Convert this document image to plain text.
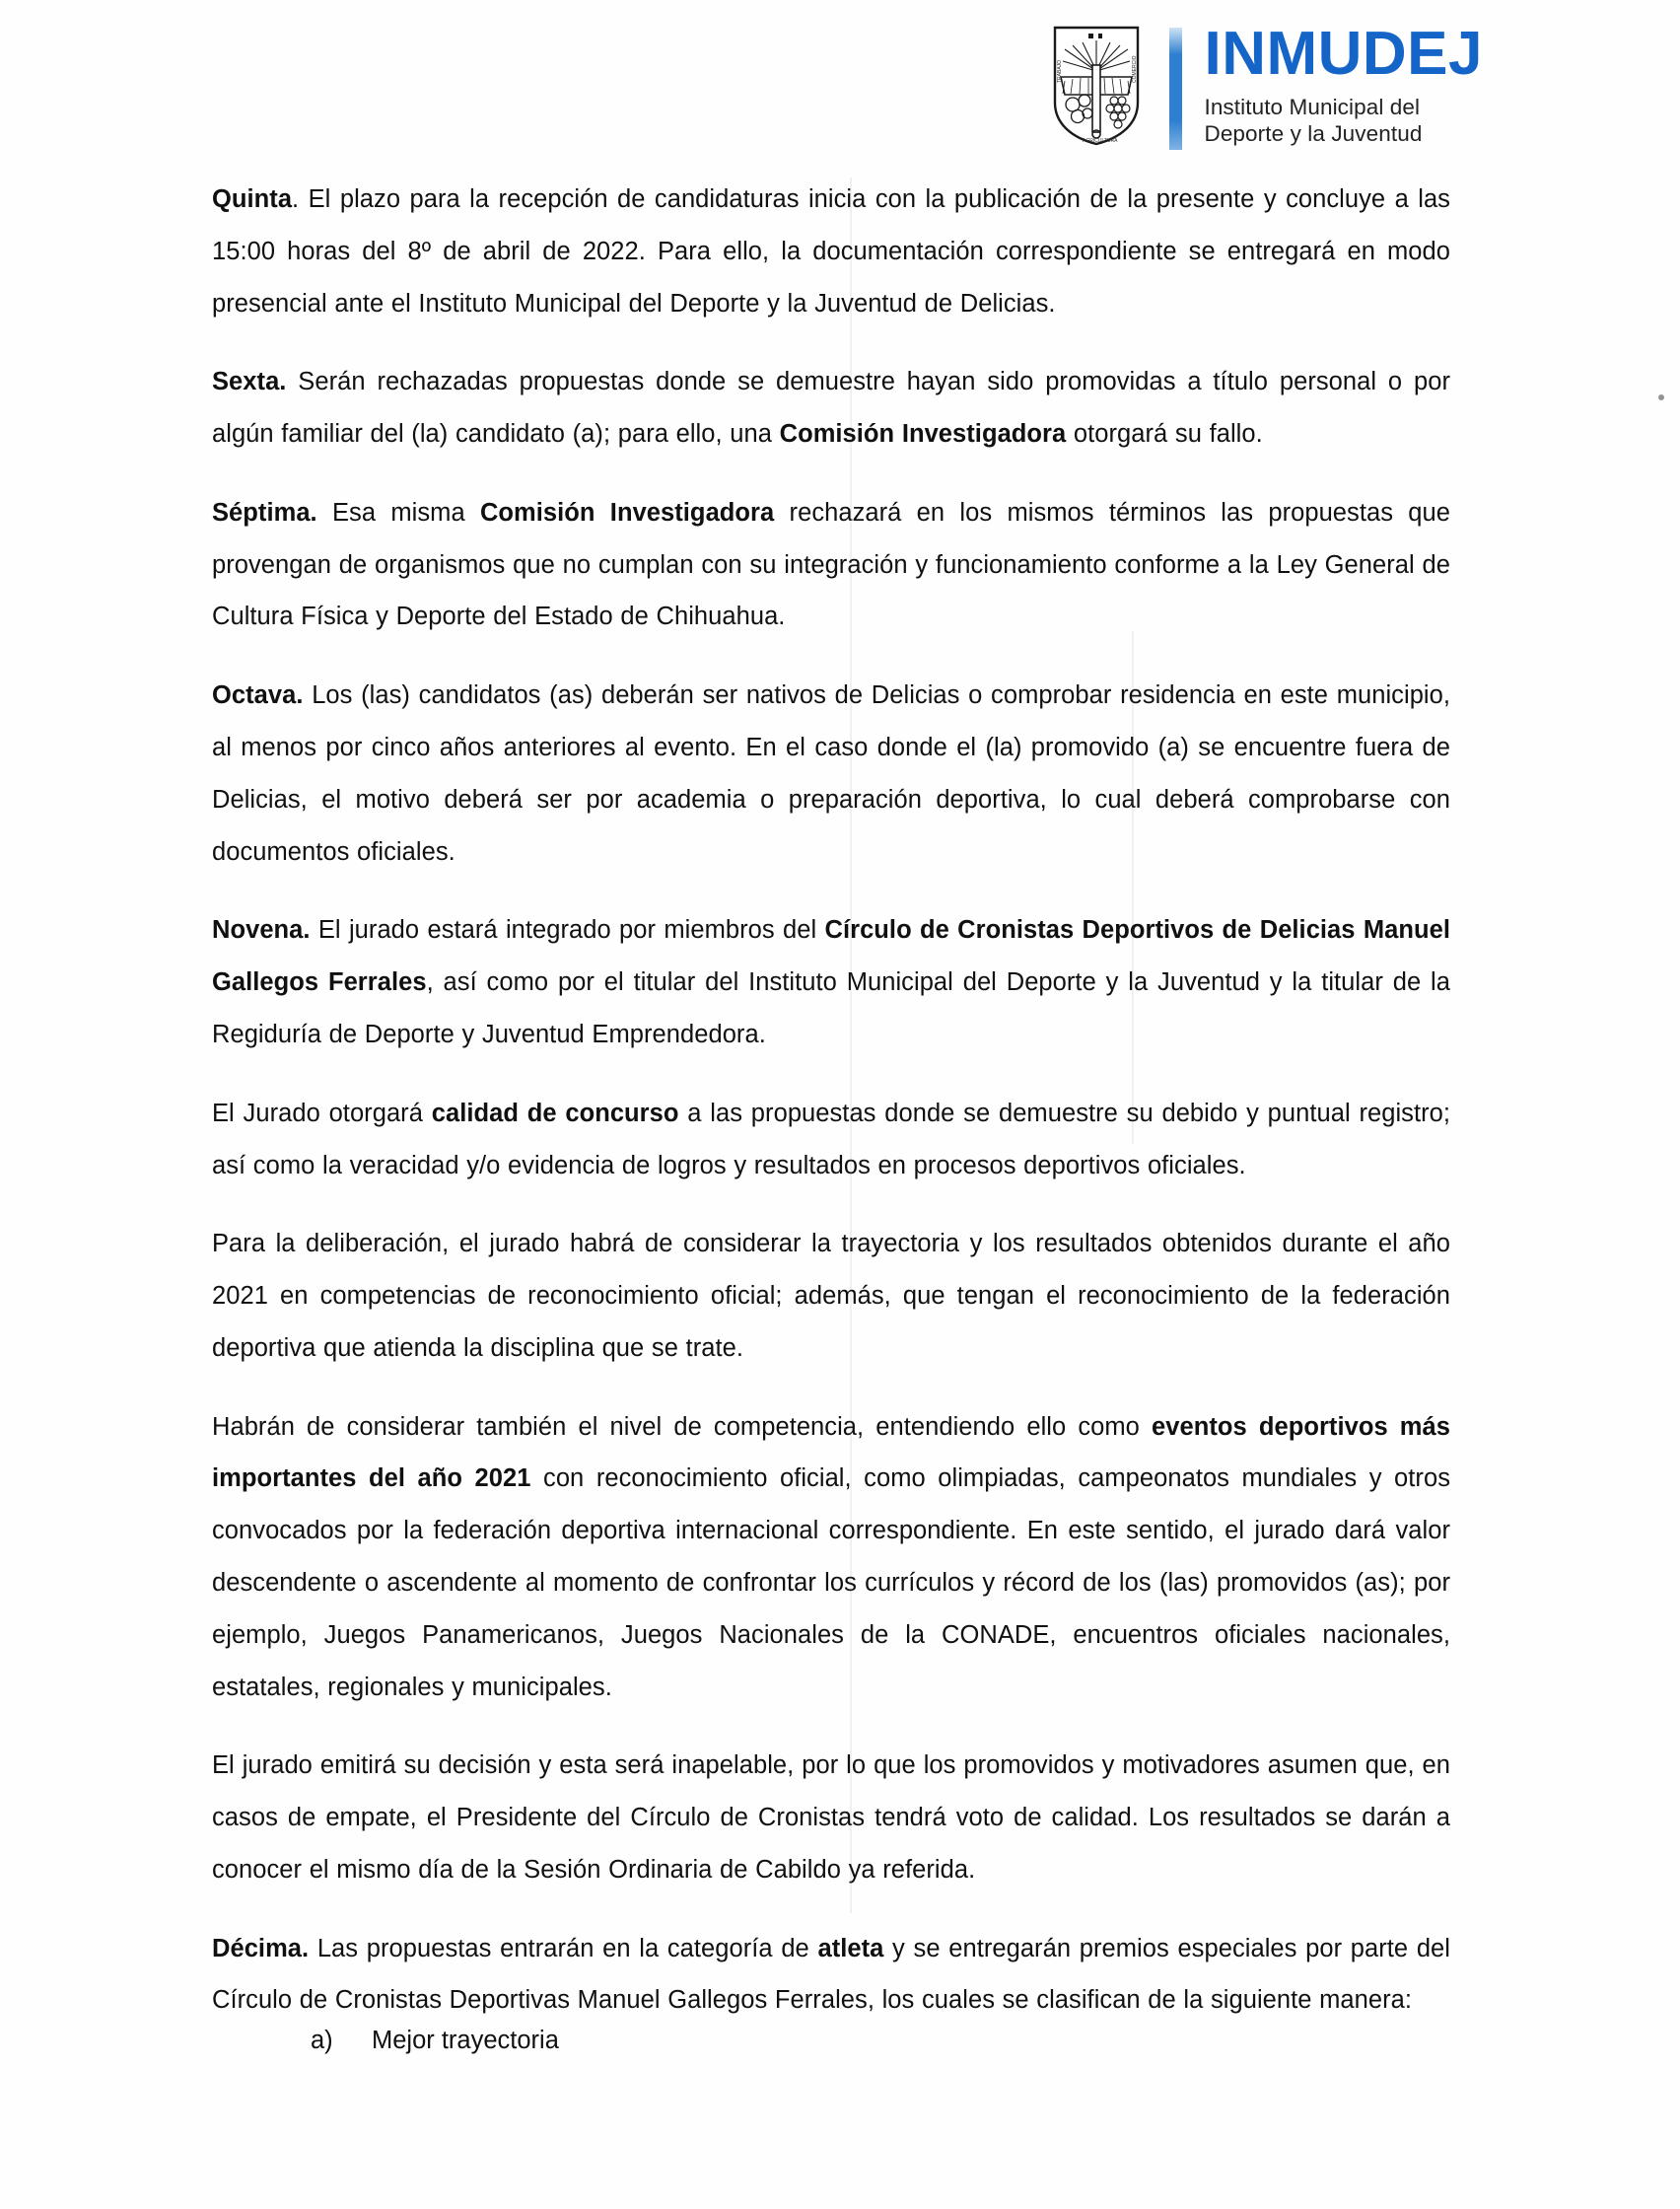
TRABAJO	COMERCIO
AGRICULTURA
INMUDEJ
Instituto Municipal del
Deporte y la Juventud

Quinta. El plazo para la recepción de candidaturas inicia con la publicación de la presente y concluye a las 15:00 horas del 8º de abril de 2022. Para ello, la documentación correspondiente se entregará en modo presencial ante el Instituto Municipal del Deporte y la Juventud de Delicias.

Sexta. Serán rechazadas propuestas donde se demuestre hayan sido promovidas a título personal o por algún familiar del (la) candidato (a); para ello, una Comisión Investigadora otorgará su fallo.

Séptima. Esa misma Comisión Investigadora rechazará en los mismos términos las propuestas que provengan de organismos que no cumplan con su integración y funcionamiento conforme a la Ley General de Cultura Física y Deporte del Estado de Chihuahua.

Octava. Los (las) candidatos (as) deberán ser nativos de Delicias o comprobar residencia en este municipio, al menos por cinco años anteriores al evento. En el caso donde el (la) promovido (a) se encuentre fuera de Delicias, el motivo deberá ser por academia o preparación deportiva, lo cual deberá comprobarse con documentos oficiales.

Novena. El jurado estará integrado por miembros del Círculo de Cronistas Deportivos de Delicias Manuel Gallegos Ferrales, así como por el titular del Instituto Municipal del Deporte y la Juventud y la titular de la Regiduría de Deporte y Juventud Emprendedora.

El Jurado otorgará calidad de concurso a las propuestas donde se demuestre su debido y puntual registro; así como la veracidad y/o evidencia de logros y resultados en procesos deportivos oficiales.

Para la deliberación, el jurado habrá de considerar la trayectoria y los resultados obtenidos durante el año 2021 en competencias de reconocimiento oficial; además, que tengan el reconocimiento de la federación deportiva que atienda la disciplina que se trate.

Habrán de considerar también el nivel de competencia, entendiendo ello como eventos deportivos más importantes del año 2021 con reconocimiento oficial, como olimpiadas, campeonatos mundiales y otros convocados por la federación deportiva internacional correspondiente. En este sentido, el jurado dará valor descendente o ascendente al momento de confrontar los currículos y récord de los (las) promovidos (as); por ejemplo, Juegos Panamericanos, Juegos Nacionales de la CONADE, encuentros oficiales nacionales, estatales, regionales y municipales.

El jurado emitirá su decisión y esta será inapelable, por lo que los promovidos y motivadores asumen que, en casos de empate, el Presidente del Círculo de Cronistas tendrá voto de calidad. Los resultados se darán a conocer el mismo día de la Sesión Ordinaria de Cabildo ya referida.

Décima. Las propuestas entrarán en la categoría de atleta y se entregarán premios especiales por parte del Círculo de Cronistas Deportivas Manuel Gallegos Ferrales, los cuales se clasifican de la siguiente manera:

a)	Mejor trayectoria
